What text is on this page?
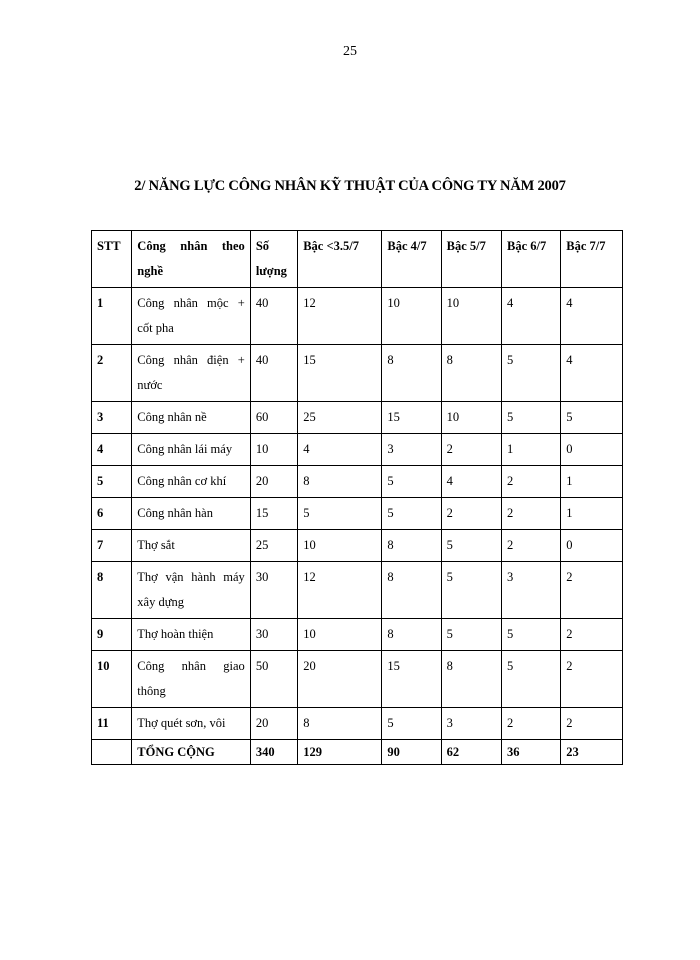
25
2/ NĂNG LỰC CÔNG NHÂN KỸ THUẬT CỦA CÔNG TY NĂM 2007
STT	Công nhân theo nghề	Số lượng	Bậc <3.5/7	Bậc 4/7	Bậc 5/7	Bậc 6/7	Bậc 7/7
1	Công nhân mộc + cốt pha	40	12	10	10	4	4
2	Công nhân điện + nước	40	15	8	8	5	4
3	Công nhân nề	60	25	15	10	5	5
4	Công nhân lái máy	10	4	3	2	1	0
5	Công nhân cơ khí	20	8	5	4	2	1
6	Công nhân hàn	15	5	5	2	2	1
7	Thợ sắt	25	10	8	5	2	0
8	Thợ vận hành máy xây dựng	30	12	8	5	3	2
9	Thợ hoàn thiện	30	10	8	5	5	2
10	Công nhân giao thông	50	20	15	8	5	2
11	Thợ quét sơn, vôi	20	8	5	3	2	2
	TỔNG CỘNG	340	129	90	62	36	23
